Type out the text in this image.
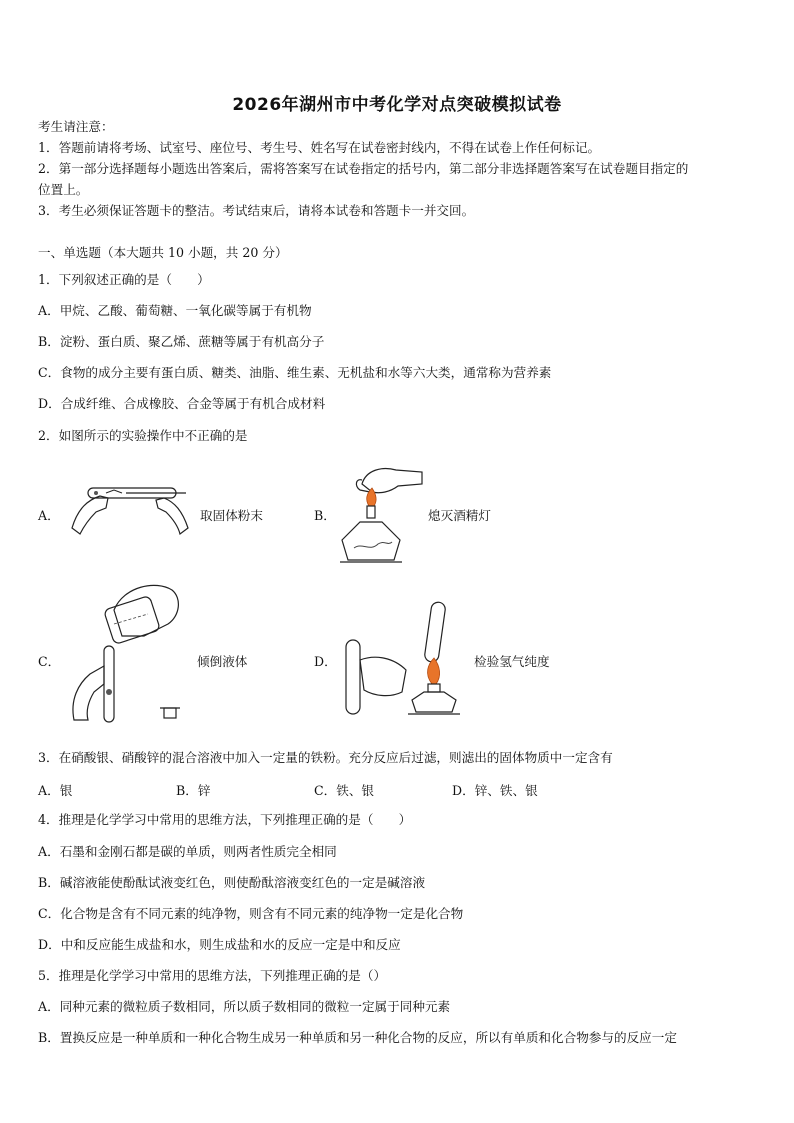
2026年湖州市中考化学对点突破模拟试卷
考生请注意：
1．答题前请将考场、试室号、座位号、考生号、姓名写在试卷密封线内，不得在试卷上作任何标记。
2．第一部分选择题每小题选出答案后，需将答案写在试卷指定的括号内，第二部分非选择题答案写在试卷题目指定的
位置上。
3．考生必须保证答题卡的整洁。考试结束后，请将本试卷和答题卡一并交回。
一、单选题（本大题共 10 小题，共 20 分）
1．下列叙述正确的是（　　）
A．甲烷、乙酸、葡萄糖、一氧化碳等属于有机物
B．淀粉、蛋白质、聚乙烯、蔗糖等属于有机高分子
C．食物的成分主要有蛋白质、糖类、油脂、维生素、无机盐和水等六大类，通常称为营养素
D．合成纤维、合成橡胶、合金等属于有机合成材料
2．如图所示的实验操作中不正确的是
A．	取固体粉末	B．	熄灭酒精灯
C．	倾倒液体	D．	检验氢气纯度
3．在硝酸银、硝酸锌的混合溶液中加入一定量的铁粉。充分反应后过滤，则滤出的固体物质中一定含有
A．银	B．锌	C．铁、银	D．锌、铁、银
4．推理是化学学习中常用的思维方法，下列推理正确的是（　　）
A．石墨和金刚石都是碳的单质，则两者性质完全相同
B．碱溶液能使酚酞试液变红色，则使酚酞溶液变红色的一定是碱溶液
C．化合物是含有不同元素的纯净物，则含有不同元素的纯净物一定是化合物
D．中和反应能生成盐和水，则生成盐和水的反应一定是中和反应
5．推理是化学学习中常用的思维方法，下列推理正确的是（）
A．同种元素的微粒质子数相同，所以质子数相同的微粒一定属于同种元素
B．置换反应是一种单质和一种化合物生成另一种单质和另一种化合物的反应，所以有单质和化合物参与的反应一定
